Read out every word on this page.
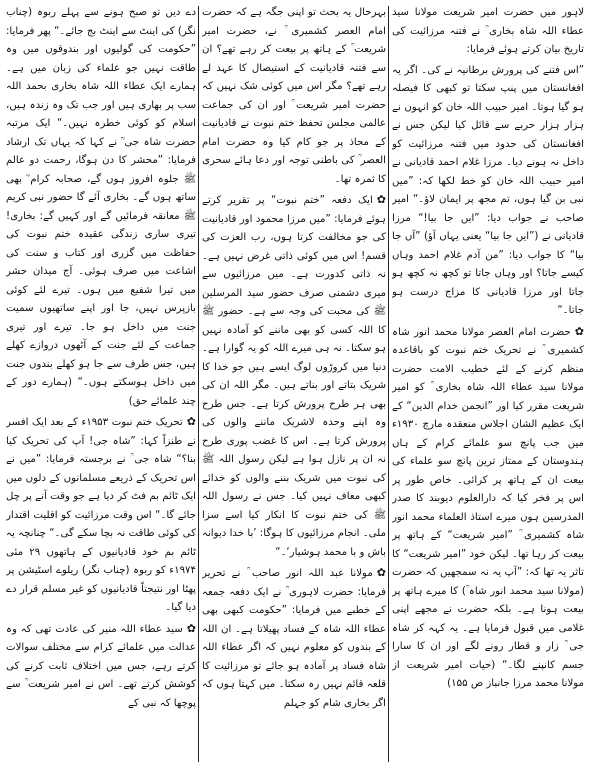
لاہور میں حضرت امیر شریعت مولانا سید عطاء اللہ شاہ بخاری ؒ نے فتنہ مرزائیت کی تاریخ بیان کرتے ہوئے فرمایا:

”اس فتنے کی پرورش برطانیہ نے کی۔ اگر یہ افغانستان میں پنپ سکتا تو کبھی کا فیصلہ ہو گیا ہوتا۔ امیر حبیب اللہ خان کو انہوں نے ہزار ہزار حربے سے قائل کیا لیکن جس نے افغانستان کی حدود میں فتنہ مرزائیت کو داخل نہ ہونے دیا۔ مرزا غلام احمد قادیانی نے امیر حبیب اللہ خان کو خط لکھا کہ: ”میں نبی بن گیا ہوں، تم مجھ پر ایمان لاؤ۔“ امیر صاحب نے جواب دیا: ”ایں جا بیا!“ مرزا قادیانی نے (”ایں جا بیا“ یعنی یہاں آؤ) ”آں جا بیا“ کا جواب دیا: ”من آدم غلام احمد وہاں کیسے جاتا؟ اور وہاں جاتا تو کچھ نہ کچھ ہو جاتا اور مرزا قادیانی کا مزاج درست ہو جاتا۔“

✿حضرت امام العصر مولانا محمد انور شاہ کشمیری ؒ نے تحریک ختم نبوت کو باقاعدہ منظم کرنے کے لئے خطیب الامت حضرت مولانا سید عطاء اللہ شاہ بخاری ؒ کو امیر شریعت مقرر کیا اور ”انجمن خدام الدین“ کے ایک عظیم الشان اجلاس منعقدہ مارچ ۱۹۳۰ء میں جب پانچ سو علمائے کرام کے ہاں ہندوستان کے ممتاز ترین پانچ سو علماء کی بیعت ان کے ہاتھ پر کرائی۔ خاص طور پر اس پر فخر کیا کہ دارالعلوم دیوبند کا صدر المدرسین ہوں میرے استاذ العلماء محمد انور شاہ کشمیری ؒ ”امیر شریعت“ کے ہاتھ پر بیعت کر رہا تھا۔ لیکن خود ”امیر شریعت“ کا تاثر یہ تھا کہ: ”آپ یہ نہ سمجھیں کہ حضرت (مولانا سید محمد انور شاہ ؒ) کا میرے ہاتھ پر بیعت ہونا ہے۔ بلکہ حضرت نے مجھے اپنی غلامی میں قبول فرمایا ہے۔ یہ کہہ کر شاہ جی ؒ زار و قطار رونے لگے اور ان کا سارا جسم کانپنے لگا۔“ (حیات امیر شریعت از مولانا محمد مرزا جانباز ص ۱۵۵)

بہرحال یہ بحث تو اپنی جگہ ہے کہ حضرت امام العصر کشمیری ؒ نے، حضرت امیر شریعت ؒ کے ہاتھ پر بیعت کر رہے تھے؟ ان سے فتنہ قادیانیت کے استیصال کا عہد لے رہے تھے؟ مگر اس میں کوئی شک نہیں کہ حضرت امیر شریعت ؒ اور ان کی جماعت عالمی مجلس تحفظ ختم نبوت نے قادیانیت کے محاذ پر جو کام کیا وہ حضرت امام العصر ؒ کی باطنی توجہ اور دعا ہائے سحری کا ثمرہ تھا۔

✿ایک دفعہ ”ختم نبوت“ پر تقریر کرتے ہوئے فرمایا: ”میں مرزا محمود اور قادیانیت کی جو مخالفت کرتا ہوں، رب العزت کی قسم! اس میں کوئی ذاتی غرض نہیں ہے۔ نہ ذاتی کدورت ہے۔ میں مرزائیوں سے میری دشمنی صرف حضور سید المرسلین ﷺ کی محبت کی وجہ سے ہے۔ حضور ﷺ کا اللہ کسی کو بھی ماننے کو آمادہ نہیں ہو سکتا۔ نہ ہی میرے اللہ کو یہ گوارا ہے۔ دنیا میں کروڑوں لوگ ایسے ہیں جو خدا کا شریک بتاتے اور بناتے ہیں۔ مگر اللہ ان کی بھی ہر طرح پرورش کرتا ہے۔ جس طرح وہ اپنے وحدہ لاشریک ماننے والوں کی پرورش کرتا ہے۔ اس کا غضب پوری طرح نہ ان پر نازل ہوا ہے لیکن رسول اللہ ﷺ کی نبوت میں شریک بننے والوں کو خدائے کبھی معاف نہیں کیا۔ جس نے رسول اللہ ﷺ کی ختم نبوت کا انکار کیا اسے سزا ملی۔ انجام مرزائیوں کا ہوگا: ’با خدا دیوانہ باش و با محمد ہوشیار‘۔“

✿مولانا عبد اللہ انور صاحب ؒ نے تحریر فرمایا: حضرت لاہوری ؒ نے ایک دفعہ جمعہ کے خطبے میں فرمایا: ”حکومت کبھی بھی عطاء اللہ شاہ کے فساد پھیلاتا ہے۔ ان اللہ کے بندوں کو معلوم نہیں کہ اگر عطاء اللہ شاہ فساد پر آمادہ ہو جائے تو مرزائیت کا قلعہ قائم نہیں رہ سکتا۔ میں کہتا ہوں کہ اگر بخاری شام کو جہلم

دے دیں تو صبح ہونے سے پہلے ربوہ (چناب نگر) کی اینٹ سے اینٹ بج جائے۔“ پھر فرمایا: ”حکومت کی گولیوں اور بندوقوں میں وہ طاقت نہیں جو علماء کی زبان میں ہے۔ ہمارے ایک عطاء اللہ شاہ بخاری بحمد اللہ سب پر بھاری ہیں اور جب تک وہ زندہ ہیں، اسلام کو کوئی خطرہ نہیں۔“ ایک مرتبہ حضرت شاہ جی ؒ نے کہا کہ یہاں تک ارشاد فرمایا: ”محشر کا دن ہوگا، رحمت دو عالم ﷺ جلوہ افروز ہوں گے، صحابہ کرام ؓ بھی ساتھ ہوں گے۔ بخاری آئے گا حضور نبی کریم ﷺ معانقہ فرمائیں گے اور کہیں گے: بخاری! تیری ساری زندگی عقیدہ ختم نبوت کی حفاظت میں گزری اور کتاب و سنت کی اشاعت میں صرف ہوئی۔ آج میدان حشر میں تیرا شفیع میں ہوں۔ تیرے لئے کوئی بازپرس نہیں، جا اور اپنے ساتھیوں سمیت جنت میں داخل ہو جا۔ تیرے اور تیری جماعت کے لئے جنت کے آٹھوں دروازے کھلے ہیں، جس طرف سے جا ہو کھلے بندوں جنت میں داخل ہوسکتے ہوں۔“ (ہمارے دور کے چند علمائے حق)

✿تحریک ختم نبوت ۱۹۵۳ء کے بعد ایک افسر نے طنزاً کہا: ”شاہ جی! آپ کی تحریک کیا بنا؟“ شاہ جی ؒ نے برجستہ فرمایا: ”میں نے اس تحریک کے ذریعے مسلمانوں کے دلوں میں ایک ٹائم بم فٹ کر دیا ہے جو وقت آنے پر چل جائے گا۔“ اس وقت مرزائیت کو اقلیت اقتدار کی کوئی طاقت نہ بچا سکے گی۔“ چنانچہ یہ ٹائم بم خود قادیانیوں کے ہاتھوں ۲۹ مئی ۱۹۷۴ء کو ربوہ (چناب نگر) ریلوے اسٹیشن پر پھٹا اور نتیجتاً قادیانیوں کو غیر مسلم قرار دے دیا گیا۔

✿سید عطاء اللہ منیر کی عادت تھی کہ وہ عدالت میں علمائے کرام سے مختلف سوالات کرتے رہے، جس میں اختلاف ثابت کرنے کی کوشش کرتے تھے۔ اس نے امیر شریعت ؒ سے پوچھا کہ نبی کے
